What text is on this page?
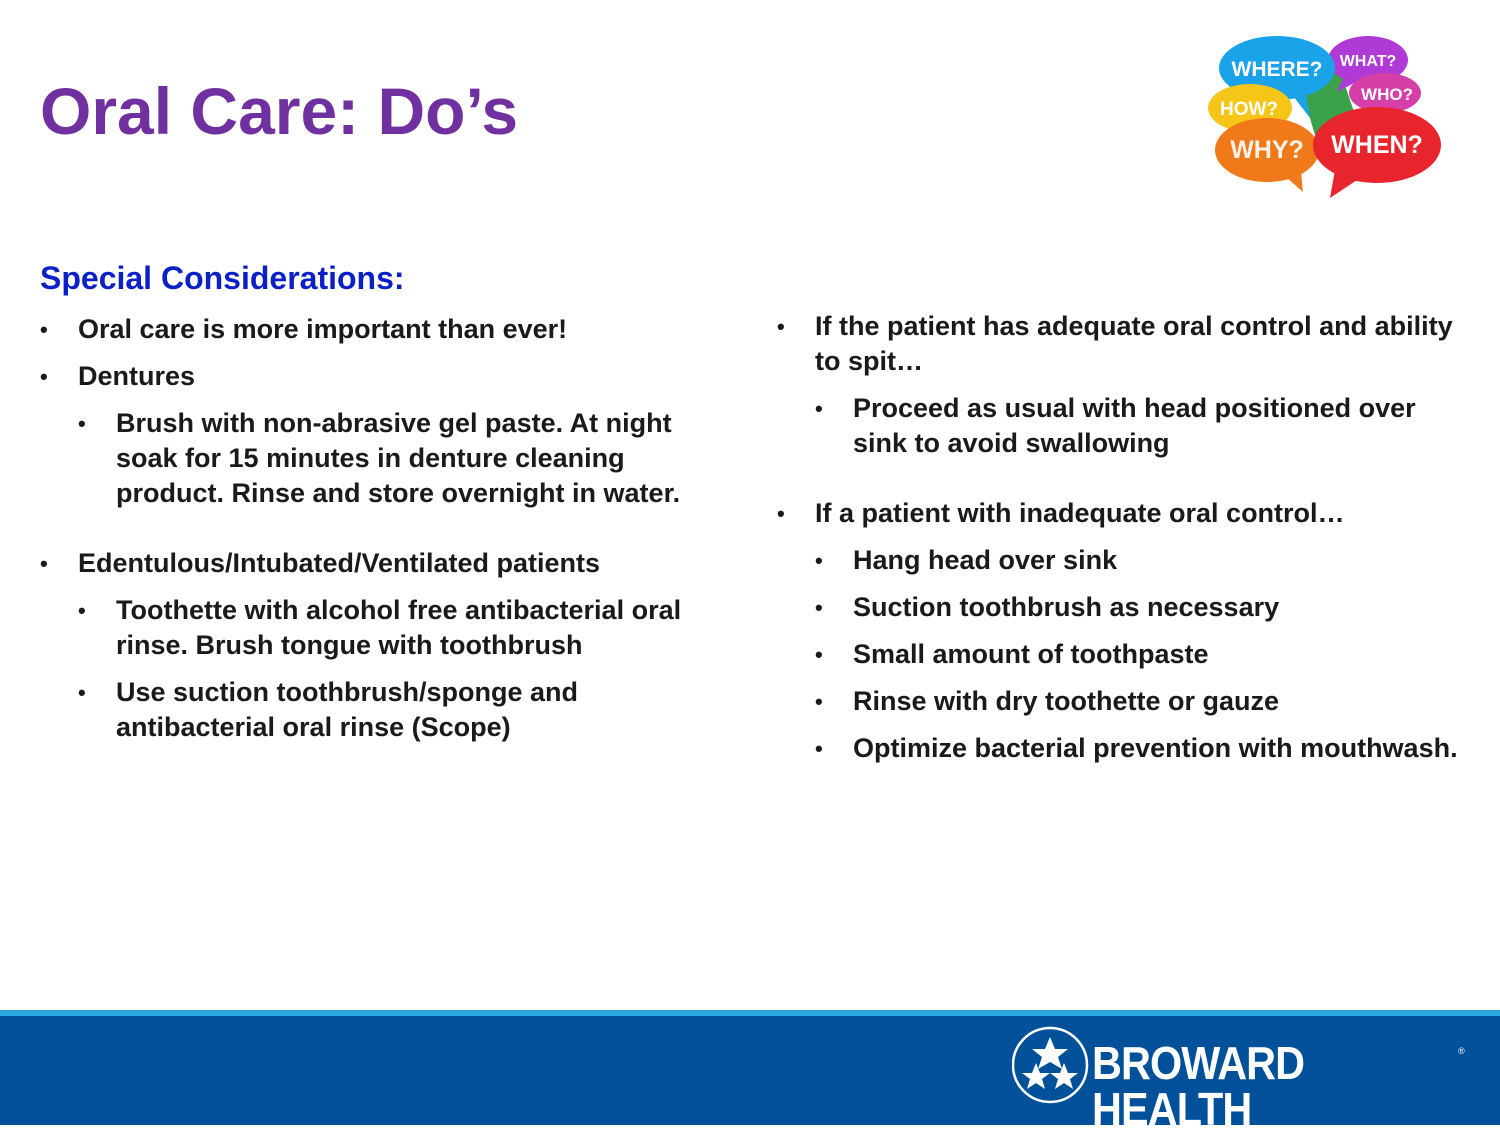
Oral Care: Do’s
WHAT?
WHERE?
WHO?
HOW?
WHY? WHEN?
Special Considerations:
• Oral care is more important than ever!
• Dentures
• Brush with non-abrasive gel paste. At night soak for 15 minutes in denture cleaning product. Rinse and store overnight in water.
• Edentulous/Intubated/Ventilated patients
• Toothette with alcohol free antibacterial oral rinse. Brush tongue with toothbrush
• Use suction toothbrush/sponge and antibacterial oral rinse (Scope)
• If the patient has adequate oral control and ability to spit…
• Proceed as usual with head positioned over sink to avoid swallowing
• If a patient with inadequate oral control…
• Hang head over sink
• Suction toothbrush as necessary
• Small amount of toothpaste
• Rinse with dry toothette or gauze
• Optimize bacterial prevention with mouthwash.
BROWARD HEALTH
®
